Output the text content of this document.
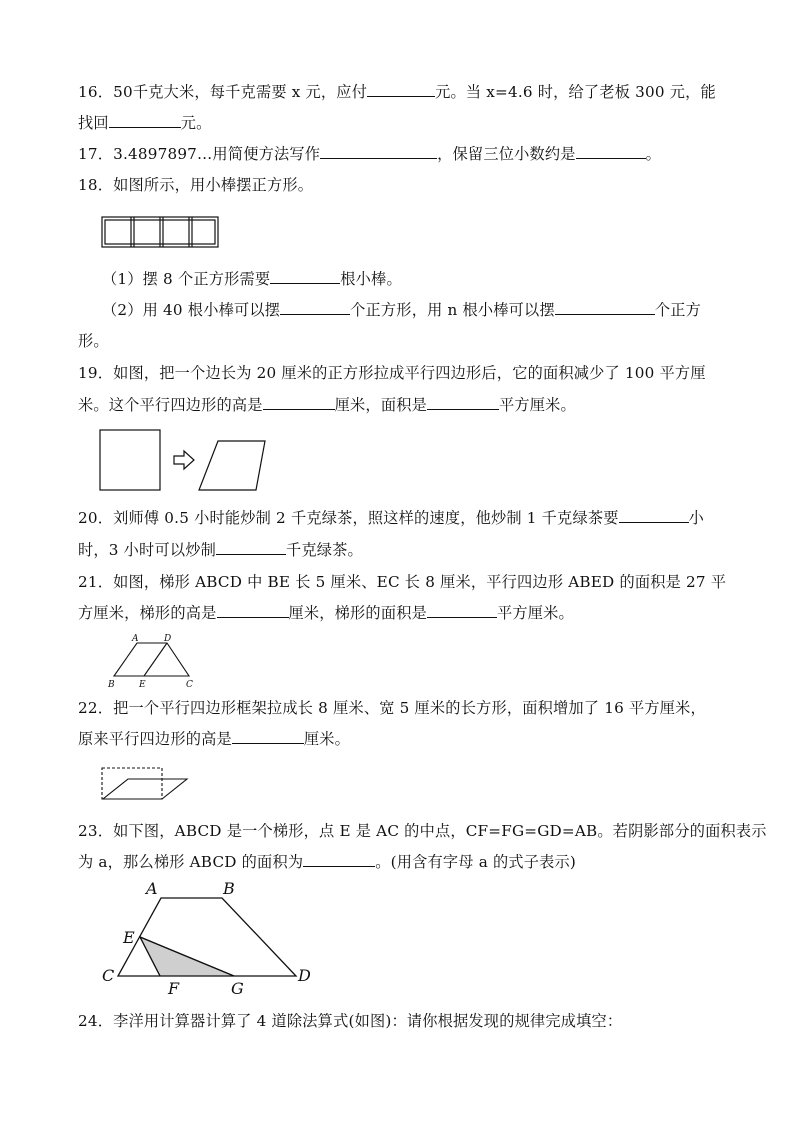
16．50千克大米，每千克需要 x 元，应付	元。当 x=4.6 时，给了老板 300 元，能
找回	元。
17．3.4897897…用简便方法写作	，保留三位小数约是	。
18．如图所示，用小棒摆正方形。
（1）摆 8 个正方形需要	根小棒。
（2）用 40 根小棒可以摆	个正方形，用 n 根小棒可以摆	个正方
形。
19．如图，把一个边长为 20 厘米的正方形拉成平行四边形后，它的面积减少了 100 平方厘
米。这个平行四边形的高是	厘米，面积是	平方厘米。
20．刘师傅 0.5 小时能炒制 2 千克绿茶，照这样的速度，他炒制 1 千克绿茶要	小
时，3 小时可以炒制	千克绿茶。
21．如图，梯形 ABCD 中 BE 长 5 厘米、EC 长 8 厘米，平行四边形 ABED 的面积是 27 平
方厘米，梯形的高是	厘米，梯形的面积是	平方厘米。
A	D
B	E	C
22．把一个平行四边形框架拉成长 8 厘米、宽 5 厘米的长方形，面积增加了 16 平方厘米，
原来平行四边形的高是	厘米。
23．如下图，ABCD 是一个梯形，点 E 是 AC 的中点，CF=FG=GD=AB。若阴影部分的面积表示
为 a，那么梯形 ABCD 的面积为	。(用含有字母 a 的式子表示)
A	B
E
C
F	G
D
24．李洋用计算器计算了 4 道除法算式(如图)：请你根据发现的规律完成填空：
